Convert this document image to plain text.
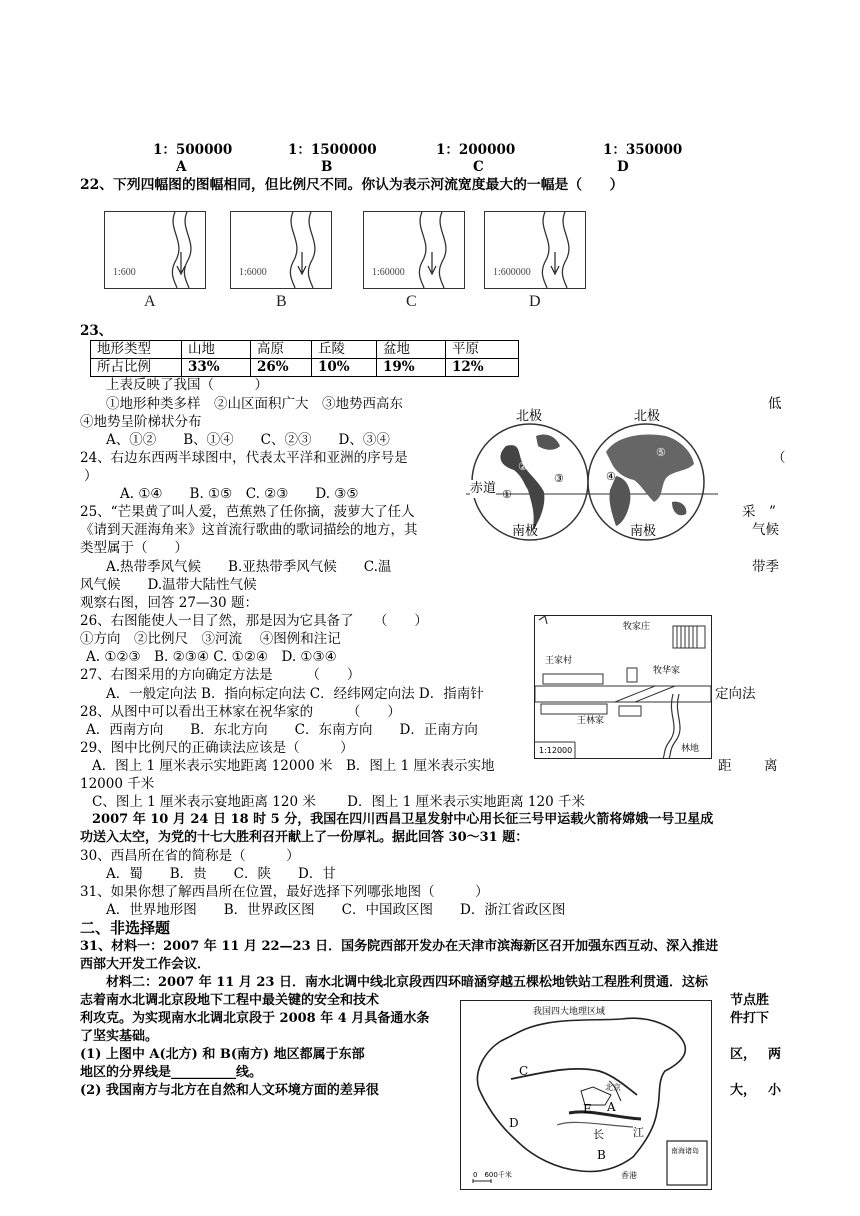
1：500000	1：1500000	1：200000	1：350000
A	B	C	D
22、下列四幅图的图幅相同，但比例尺不同。你认为表示河流宽度最大的一幅是（　　）
1:600	1:6000	1:60000	1:600000
A	B	C	D
23、
地形类型	山地	高原	丘陵	盆地	平原
所占比例	33%	26%	10%	19%	12%
上表反映了我国（　　　）
①地形种类多样　②山区面积广大　③地势西高东	低
④地势呈阶梯状分布
A、①②　　B、①④　　C、②③　　D、③④
24、右边东西两半球图中，代表太平洋和亚洲的序号是	（
）
A. ①④　　B. ①⑤　C. ②③　　D. ③⑤
北极	北极
南极	南极
赤道 ①
②
③	④
⑤
25、“芒果黄了叫人爱，芭蕉熟了任你摘，菠萝大了任人	采　”
《请到天涯海角来》这首流行歌曲的歌词描绘的地方，其	气候
类型属于（　　）
A.热带季风气候　　B.亚热带季风气候　　C.温	带季
风气候　　D.温带大陆性气候
观察右图，回答 27—30 题：
26、右图能使人一目了然，那是因为它具备了　　（　　）
①方向　②比例尺　③河流　 ④图例和注记
A. ①②③　B. ②③④ C. ①②④　D. ①③④
27、右图采用的方向确定方法是　　　（　　）
A．一般定向法 B．指向标定向法 C．经纬网定向法 D．指南针	定向法
28、从图中可以看出王林家在祝华家的　　　（　　）
A．西南方向　　B．东北方向　　C．东南方向　　D．正南方向
牧家庄
王家村
牧华家
王林家
林地
1:12000
29、图中比例尺的正确读法应该是（　　　）
A．图上 1 厘米表示实地距离 12000 米　B．图上 1 厘米表示实地	距 离
12000 千米
C、图上 1 厘米表示宴地距离 120 米　　 D．图上 1 厘米表示实地距离 120 千米
2007 年 10 月 24 日 18 时 5 分，我国在四川西昌卫星发射中心用长征三号甲运载火箭将嫦娥一号卫星成
功送入太空，为党的十七大胜利召开献上了一份厚礼。据此回答 30～31 题：
30、西昌所在省的简称是（　　　）
A．蜀　　B．贵　　C．陕　　D．甘
31、如果你想了解西昌所在位置，最好选择下列哪张地图（　　　）
A．世界地形图　　B．世界政区图　　C．中国政区图　　D．浙江省政区图
二、非选择题
31、材料一：2007 年 11 月 22—23 日．国务院西部开发办在天津市滨海新区召开加强东西互动、深入推进
西部大开发工作会议．
材料二：2007 年 11 月 23 日．南水北调中线北京段西四环暗涵穿越五棵松地铁站工程胜利贯通．这标
志着南水北调北京段地下工程中最关键的安全和技术	节点胜
利攻克。为实现南水北调北京段于 2008 年 4 月具备通水条	件打下
了坚实基础。
(1) 上图中 A(北方) 和 B(南方) 地区都属于东部	区， 两
地区的分界线是__________线。
(2) 我国南方与北方在自然和人文环境方面的差异很	大， 小
我国四大地理区域
C
D
E A
B
长	江
北京
香港
南海诸岛
0　600千米
